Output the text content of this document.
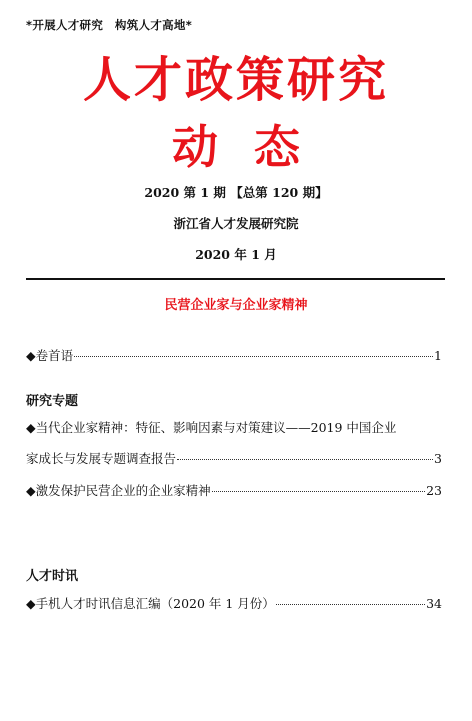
*开展人才研究　构筑人才高地*
人才政策研究
动态
2020 第 1 期 【总第 120 期】
浙江省人才发展研究院
2020 年 1 月
民营企业家与企业家精神
◆卷首语	1
研究专题
◆当代企业家精神：特征、影响因素与对策建议——2019 中国企业
家成长与发展专题调查报告	3
◆激发保护民营企业的企业家精神	23
人才时讯
◆手机人才时讯信息汇编（2020 年 1 月份）	34
